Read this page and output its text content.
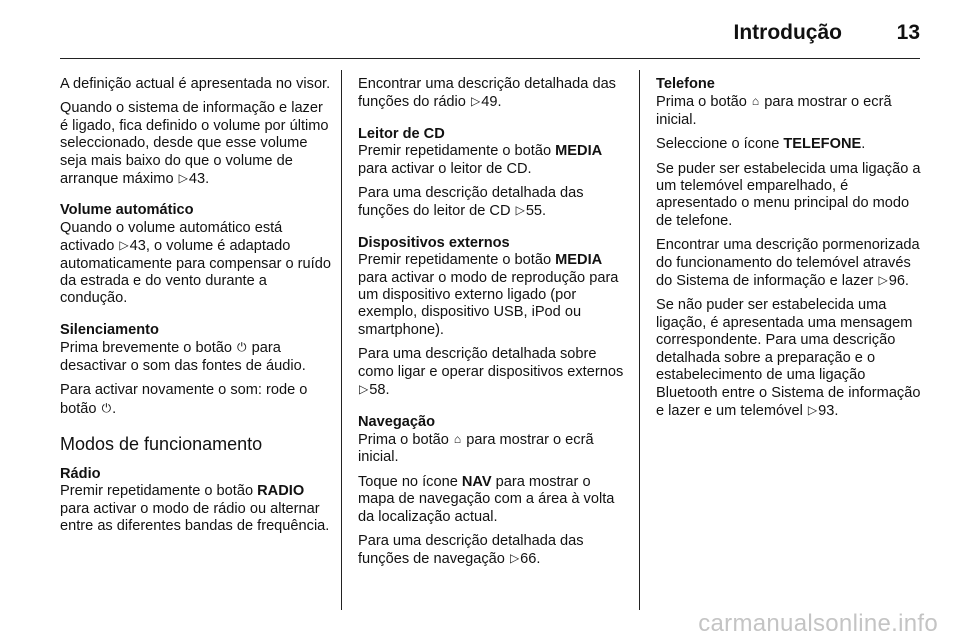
Introdução	13

A definição actual é apresentada no visor.

Quando o sistema de informação e lazer é ligado, fica definido o volume por último seleccionado, desde que esse volume seja mais baixo do que o volume de arranque máximo ▷43.

Volume automático

Quando o volume automático está activado ▷43, o volume é adaptado automaticamente para compensar o ruído da estrada e do vento durante a condução.

Silenciamento

Prima brevemente o botão ⏻ para desactivar o som das fontes de áudio.

Para activar novamente o som: rode o botão ⏻.

Modos de funcionamento

Rádio

Premir repetidamente o botão RADIO para activar o modo de rádio ou alternar entre as diferentes bandas de frequência.

Encontrar uma descrição detalhada das funções do rádio ▷49.

Leitor de CD

Premir repetidamente o botão MEDIA para activar o leitor de CD.

Para uma descrição detalhada das funções do leitor de CD ▷55.

Dispositivos externos

Premir repetidamente o botão MEDIA para activar o modo de reprodução para um dispositivo externo ligado (por exemplo, dispositivo USB, iPod ou smartphone).

Para uma descrição detalhada sobre como ligar e operar dispositivos externos ▷58.

Navegação

Prima o botão ⌂ para mostrar o ecrã inicial.

Toque no ícone NAV para mostrar o mapa de navegação com a área à volta da localização actual.

Para uma descrição detalhada das funções de navegação ▷66.

Telefone

Prima o botão ⌂ para mostrar o ecrã inicial.

Seleccione o ícone TELEFONE.

Se puder ser estabelecida uma ligação a um telemóvel emparelhado, é apresentado o menu principal do modo de telefone.

Encontrar uma descrição pormenorizada do funcionamento do telemóvel através do Sistema de informação e lazer ▷96.

Se não puder ser estabelecida uma ligação, é apresentada uma mensagem correspondente. Para uma descrição detalhada sobre a preparação e o estabelecimento de uma ligação Bluetooth entre o Sistema de informação e lazer e um telemóvel ▷93.

carmanualsonline.info
